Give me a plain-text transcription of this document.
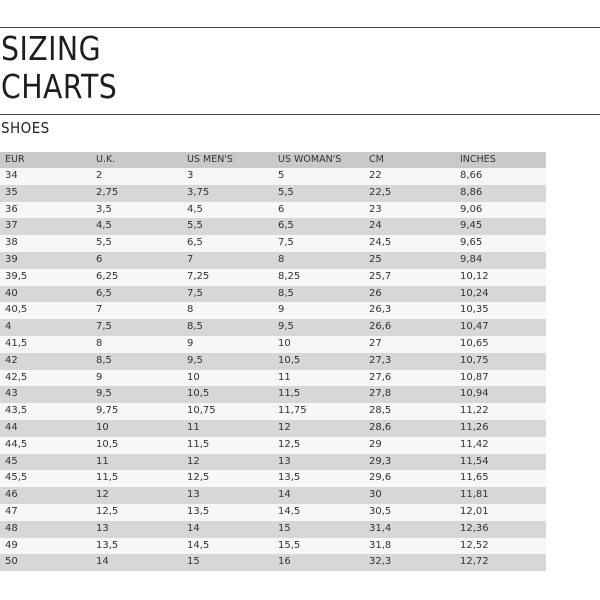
SIZING
CHARTS
SHOES
EUR	U.K.	US MEN'S	US WOMAN'S	CM	INCHES
34	2	3	5	22	8,66
35	2,75	3,75	5,5	22,5	8,86
36	3,5	4,5	6	23	9,06
37	4,5	5,5	6,5	24	9,45
38	5,5	6,5	7,5	24,5	9,65
39	6	7	8	25	9,84
39,5	6,25	7,25	8,25	25,7	10,12
40	6,5	7,5	8,5	26	10,24
40,5	7	8	9	26,3	10,35
4	7,5	8,5	9,5	26,6	10,47
41,5	8	9	10	27	10,65
42	8,5	9,5	10,5	27,3	10,75
42,5	9	10	11	27,6	10,87
43	9,5	10,5	11,5	27,8	10,94
43,5	9,75	10,75	11,75	28,5	11,22
44	10	11	12	28,6	11,26
44,5	10,5	11,5	12,5	29	11,42
45	11	12	13	29,3	11,54
45,5	11,5	12,5	13,5	29,6	11,65
46	12	13	14	30	11,81
47	12,5	13,5	14,5	30,5	12,01
48	13	14	15	31,4	12,36
49	13,5	14,5	15,5	31,8	12,52
50	14	15	16	32,3	12,72
